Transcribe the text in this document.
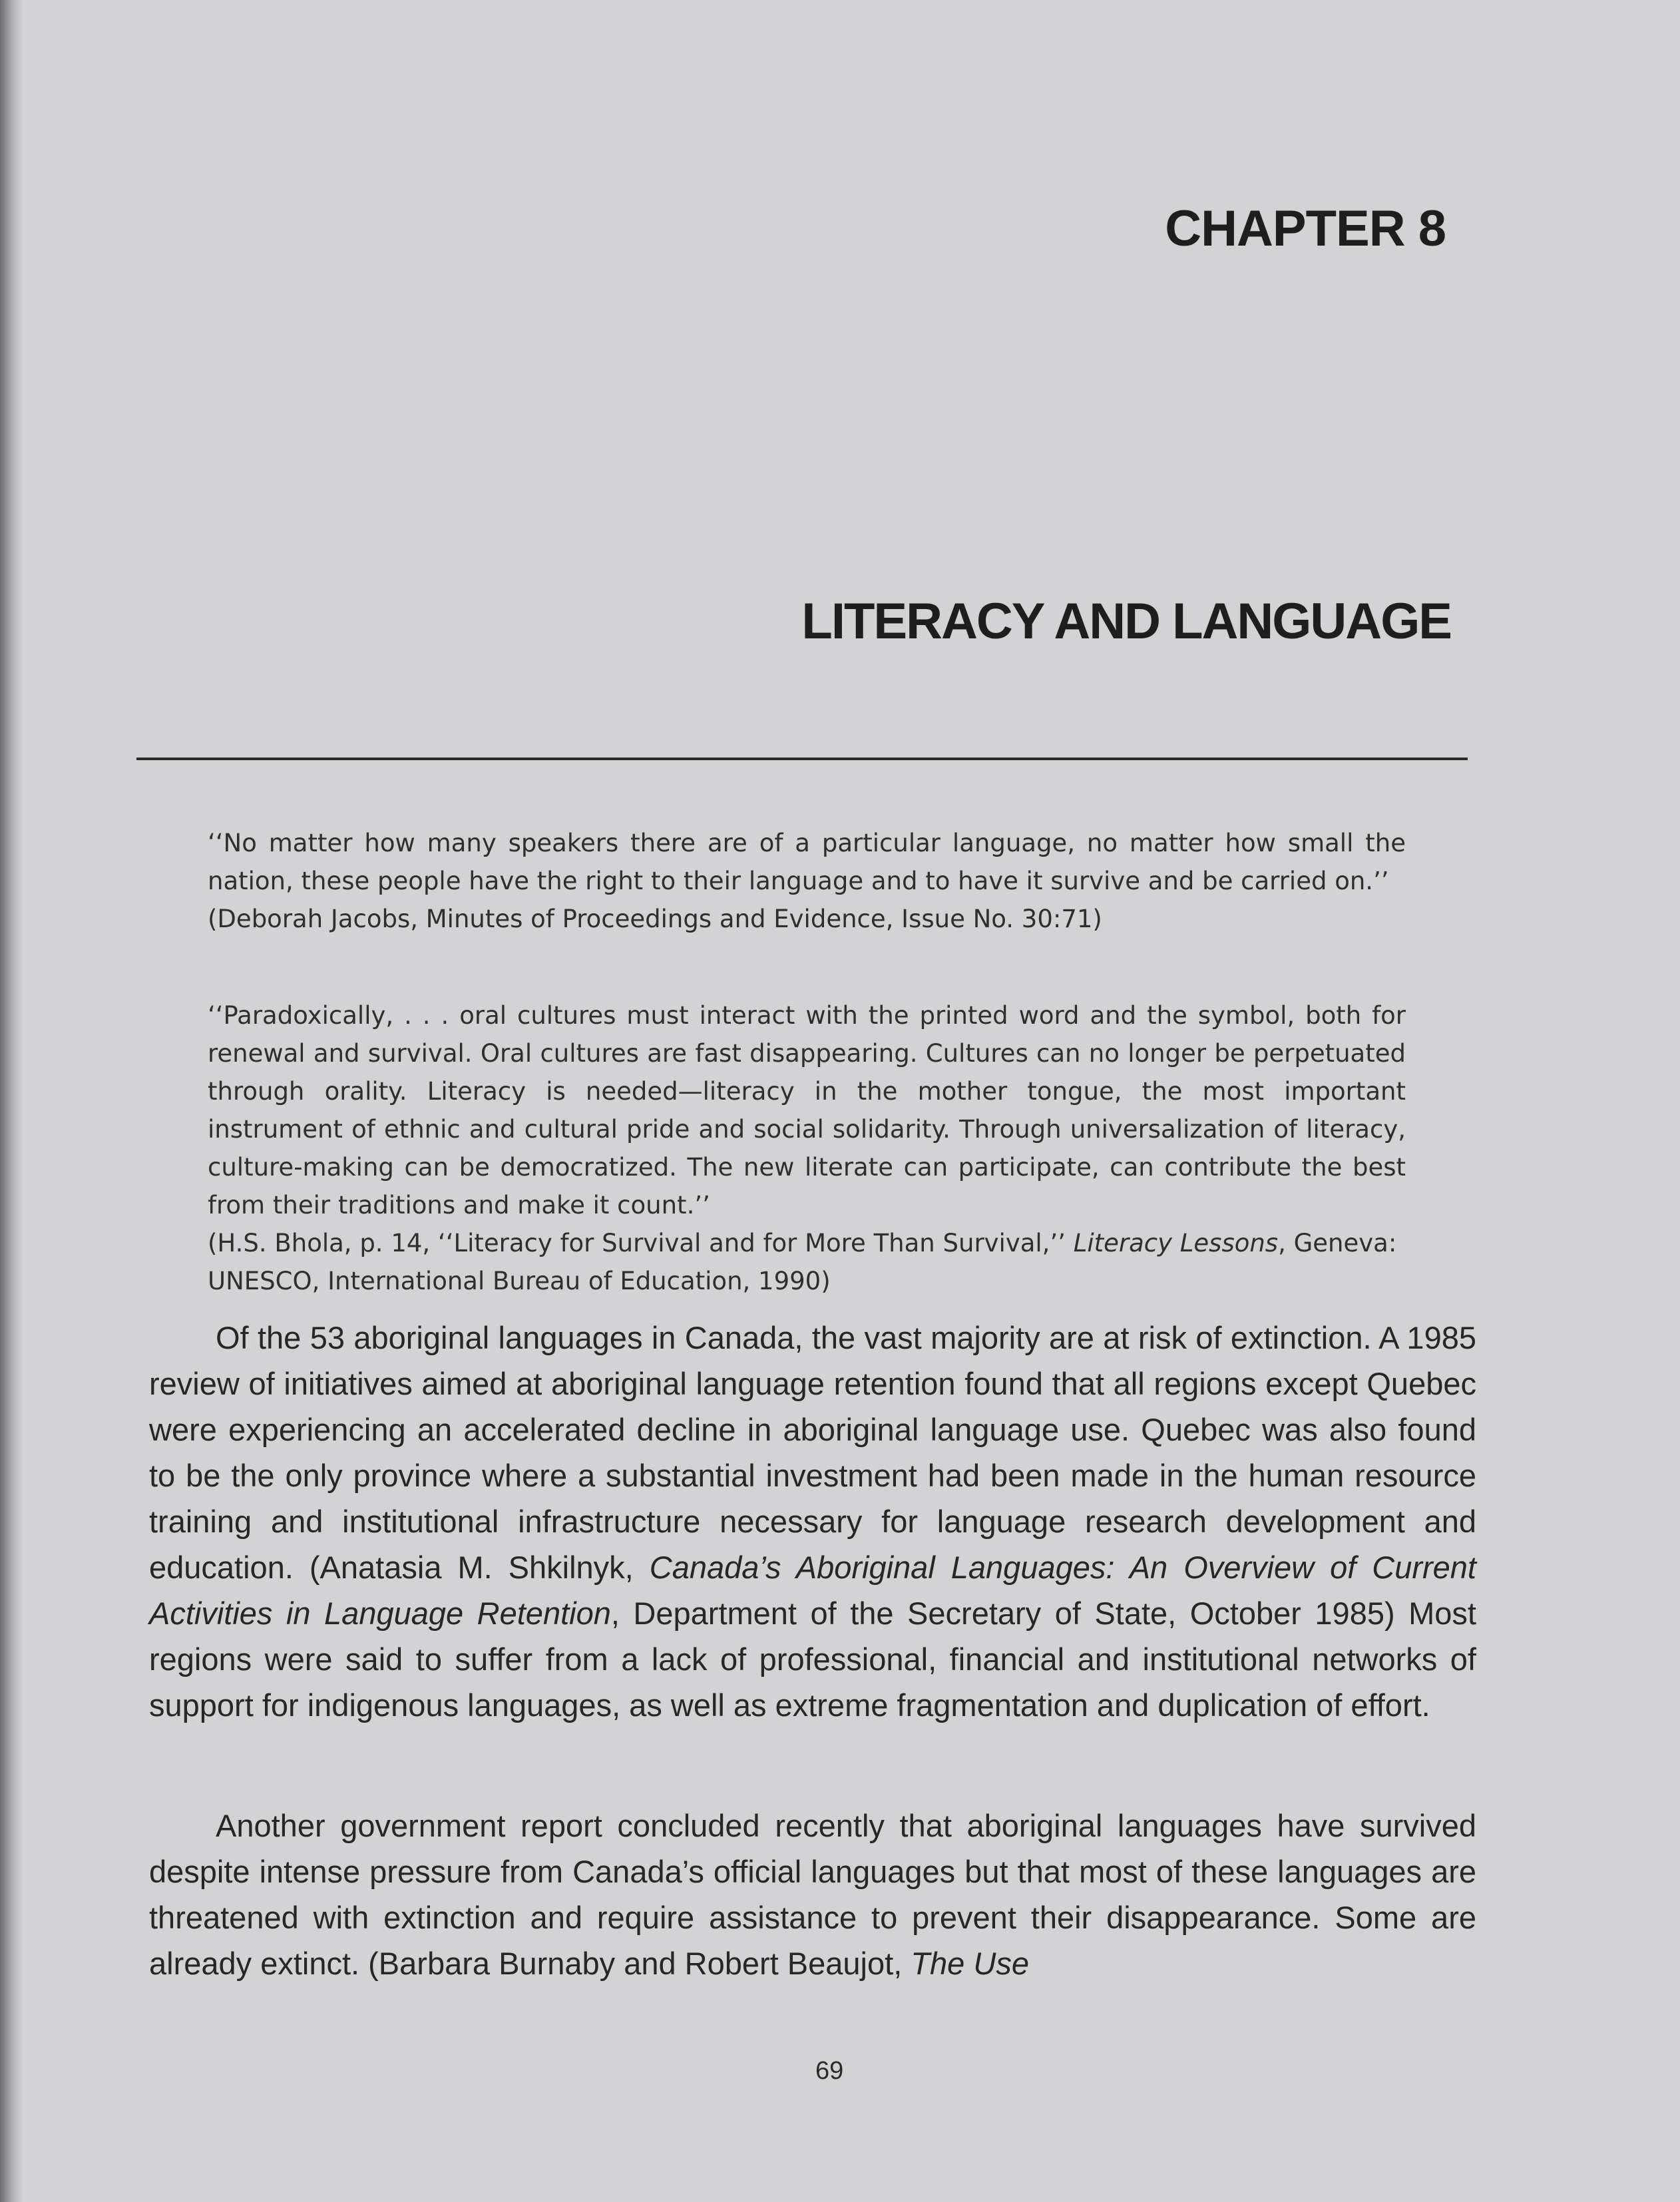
CHAPTER 8
LITERACY AND LANGUAGE

‘‘No matter how many speakers there are of a particular language, no matter how small the nation, these people have the right to their language and to have it survive and be carried on.’’

(Deborah Jacobs, Minutes of Proceedings and Evidence, Issue No. 30:71)

‘‘Paradoxically, . . . oral cultures must interact with the printed word and the symbol, both for renewal and survival. Oral cultures are fast disappearing. Cultures can no longer be perpetuated through orality. Literacy is needed—literacy in the mother tongue, the most important instrument of ethnic and cultural pride and social solidarity. Through universalization of literacy, culture-making can be democratized. The new literate can participate, can contribute the best from their traditions and make it count.’’

(H.S. Bhola, p. 14, ‘‘Literacy for Survival and for More Than Survival,’’ Literacy Lessons, Geneva: UNESCO, International Bureau of Education, 1990)

Of the 53 aboriginal languages in Canada, the vast majority are at risk of extinction. A 1985 review of initiatives aimed at aboriginal language retention found that all regions except Quebec were experiencing an accelerated decline in aboriginal language use. Quebec was also found to be the only province where a substantial investment had been made in the human resource training and institutional infrastructure necessary for language research development and education. (Anatasia M. Shkilnyk, Canada’s Aboriginal Languages: An Overview of Current Activities in Language Retention, Department of the Secretary of State, October 1985) Most regions were said to suffer from a lack of professional, financial and institutional networks of support for indigenous languages, as well as extreme fragmentation and duplication of effort.

Another government report concluded recently that aboriginal languages have survived despite intense pressure from Canada’s official languages but that most of these languages are threatened with extinction and require assistance to prevent their disappearance. Some are already extinct. (Barbara Burnaby and Robert Beaujot, The Use

69
